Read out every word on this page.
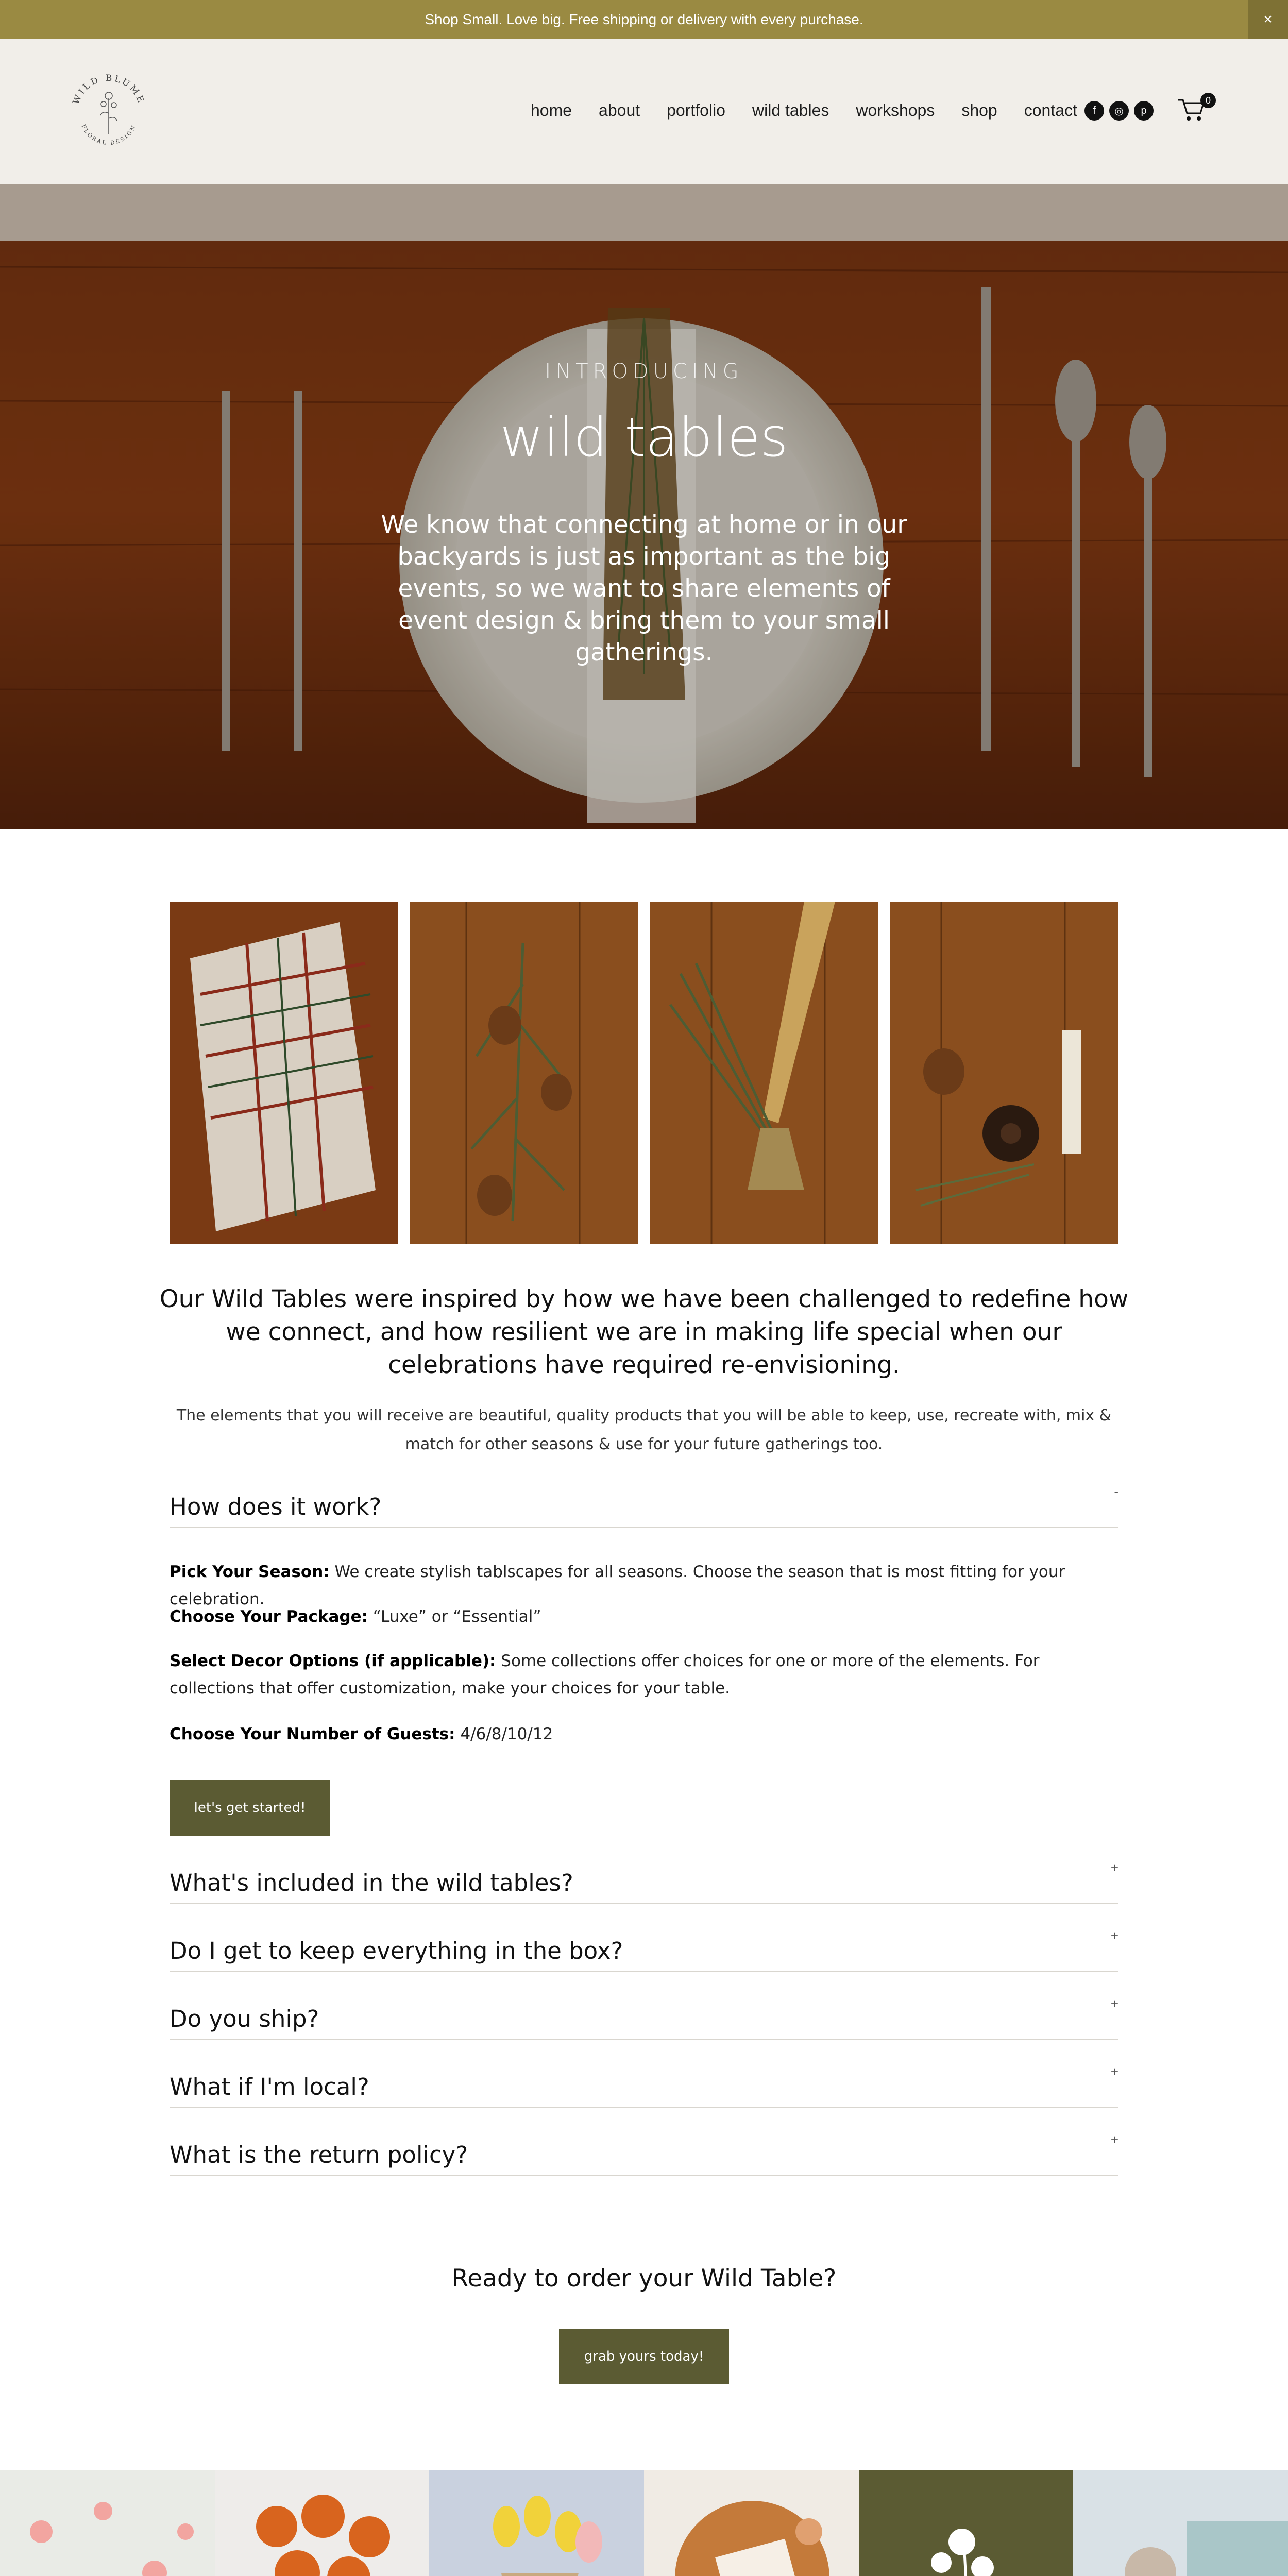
Shop Small. Love big. Free shipping or delivery with every purchase.	×
WILD BLUME
FLORAL DESIGN
home about portfolio wild tables workshops shop contact	f	◎	p
0
INTRODUCING
wild tables
We know that connecting at home or in our backyards is just as important as the big events, so we want to share elements of event design & bring them to your small gatherings.
Our Wild Tables were inspired by how we have been challenged to redefine how we connect, and how resilient we are in making life special when our celebrations have required re-envisioning.
The elements that you will receive are beautiful, quality products that you will be able to keep, use, recreate with, mix & match for other seasons & use for your future gatherings too.
How does it work?
-
Pick Your Season: We create stylish tablscapes for all seasons. Choose the season that is most fitting for your celebration.
Choose Your Package: “Luxe” or “Essential”
Select Decor Options (if applicable): Some collections offer choices for one or more of the elements. For collections that offer customization, make your choices for your table.
Choose Your Number of Guests: 4/6/8/10/12
let's get started!
What's included in the wild tables?
+
Do I get to keep everything in the box?
+
Do you ship?
+
What if I'm local?
+
What is the return policy?
+
Ready to order your Wild Table?
grab yours today!
